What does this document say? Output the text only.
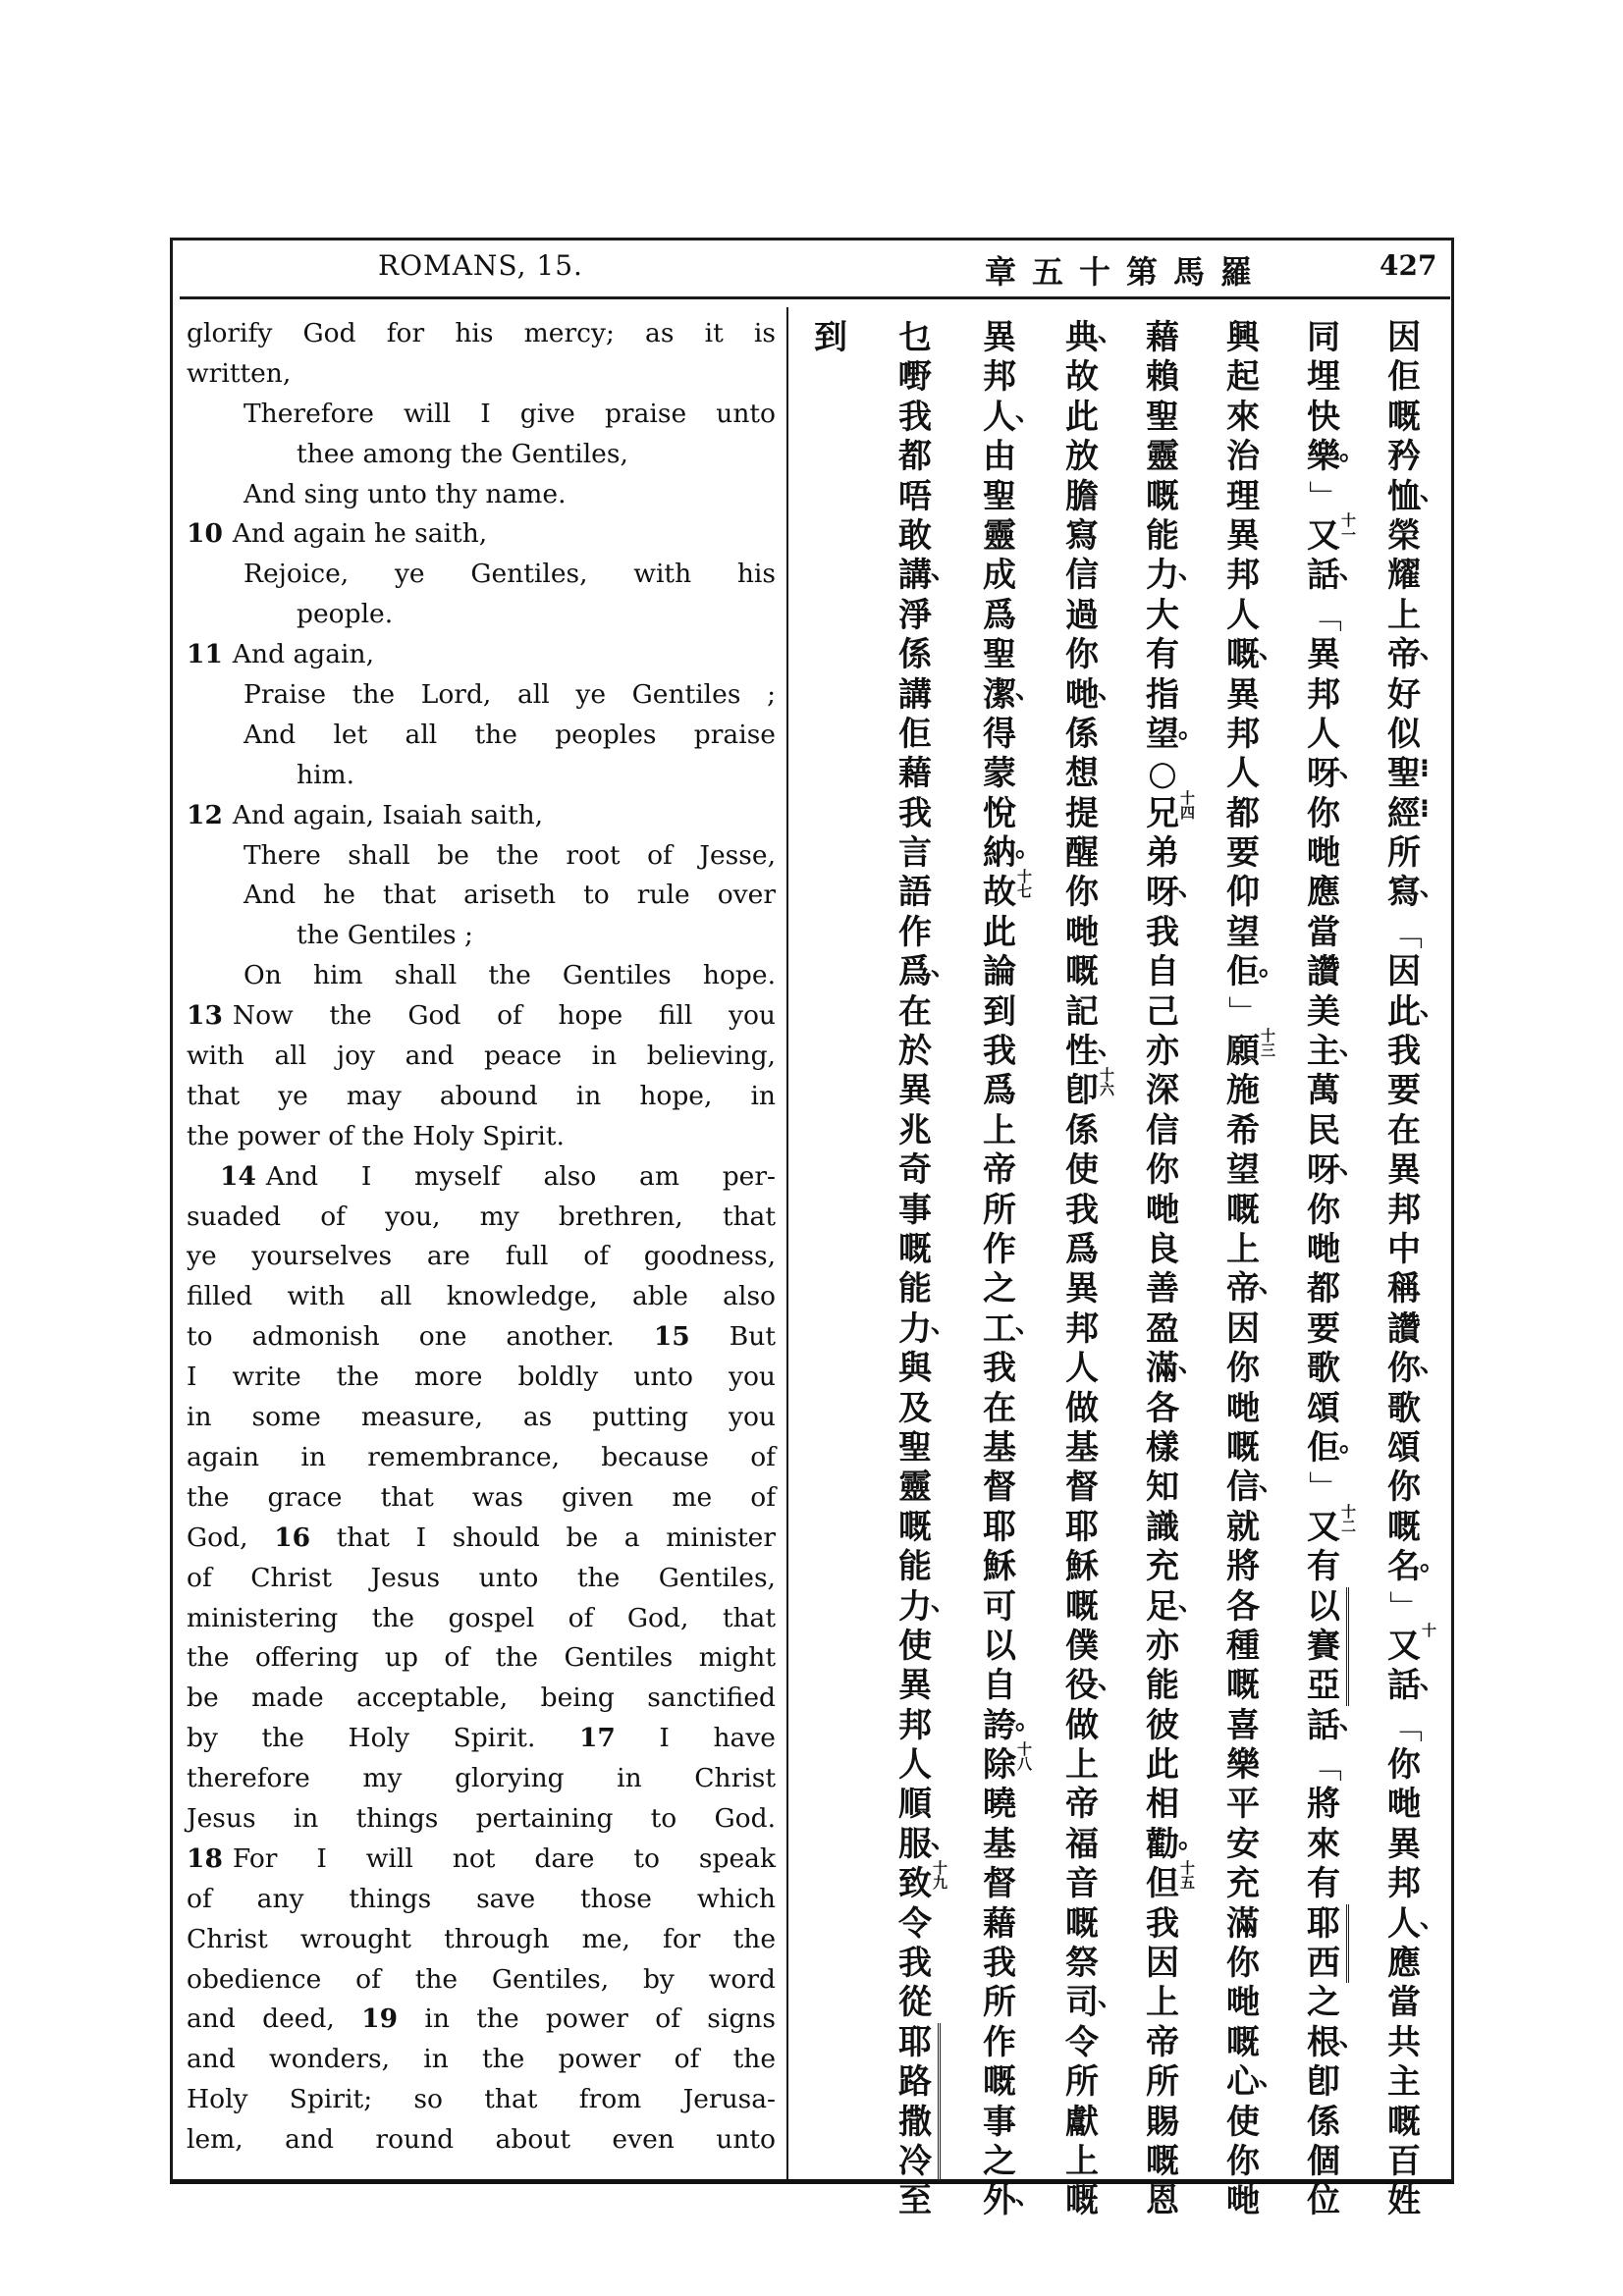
ROMANS, 15.	章五十第馬羅	427
glorify God for his mercy; as it is
written,
Therefore will I give praise unto
thee among the Gentiles,
And sing unto thy name.
10 And again he saith,
Rejoice, ye Gentiles, with his
people.
11 And again,
Praise the Lord, all ye Gentiles ;
And let all the peoples praise
him.
12 And again, Isaiah saith,
There shall be the root of Jesse,
And he that ariseth to rule over
the Gentiles ;
On him shall the Gentiles hope.
13 Now the God of hope fill you
with all joy and peace in believing,
that ye may abound in hope, in
the power of the Holy Spirit.
14 And I myself also am per-
suaded of you, my brethren, that
ye yourselves are full of goodness,
filled with all knowledge, able also
to admonish one another. 15 But
I write the more boldly unto you
in some measure, as putting you
again in remembrance, because of
the grace that was given me of
God, 16 that I should be a minister
of Christ Jesus unto the Gentiles,
ministering the gospel of God, that
the offering up of the Gentiles might
be made acceptable, being sanctified
by the Holy Spirit. 17 I have
therefore my glorying in Christ
Jesus in things pertaining to God.
18 For I will not dare to speak
of any things save those which
Christ wrought through me, for the
obedience of the Gentiles, by word
and deed, 19 in the power of signs
and wonders, in the power of the
Holy Spirit; so that from Jerusa-
lem, and round about even unto
因
佢
嘅
矜
恤 、
榮
耀
上
帝 、
好
似
聖 ⁝
經 ⁝
所
寫 、
「
因
此 、
我
要
在
異
邦
中
稱
讚
你 、
歌
頌
你
嘅
名 。
」
又 十
話 、
「
你
哋
異
邦
人 、
應
當
共
主
嘅
百
姓
同
埋
快
樂 。
」
又 十一
話 、
「
異
邦
人
呀 、
你
哋
應
當
讚
美
主 、
萬
民
呀 、
你
哋
都
要
歌
頌
佢 。
」
又 十二
有
以
賽
亞
話 、
「
將
來
有
耶
西
之
根 、
卽
係
個
位
興
起
來
治
理
異
邦
人
嘅 、
異
邦
人
都
要
仰
望
佢 。
」
願 十三
施
希
望
嘅
上
帝 、
因
你
哋
嘅
信 、
就
將
各
種
嘅
喜
樂
平
安
充
滿
你
哋
嘅
心 、
使
你
哋
藉
賴
聖
靈
嘅
能
力 、
大
有
指
望 。
○
兄 十四
弟
呀 、
我
自
己
亦
深
信
你
哋
良
善
盈
滿 、
各
樣
知
識
充
足 、
亦
能
彼
此
相
勸 。
但 十五
我
因
上
帝
所
賜
嘅
恩
典 、
故
此
放
膽
寫
信
過
你
哋 、
係
想
提
醒
你
哋
嘅
記
性 、
卽 十六
係
使
我
爲
異
邦
人
做
基
督
耶
穌
嘅
僕
役 、
做
上
帝
福
音
嘅
祭
司 、
令
所
獻
上
嘅
異
邦
人 、
由
聖
靈
成
爲
聖
潔 、
得
蒙
悅
納 。
故 十七
此
論
到
我
爲
上
帝
所
作
之
工 、
我
在
基
督
耶
穌
可
以
自
誇 。
除 十八
曉
基
督
藉
我
所
作
嘅
事
之
外 、
乜
嘢
我
都
唔
敢
講 、
淨
係
講
佢
藉
我
言
語
作
爲 、
在
於
異
兆
奇
事
嘅
能
力 、
與
及
聖
靈
嘅
能
力 、
使
異
邦
人
順
服 、
致 十九
令
我
從
耶
路
撒
冷
至
到
